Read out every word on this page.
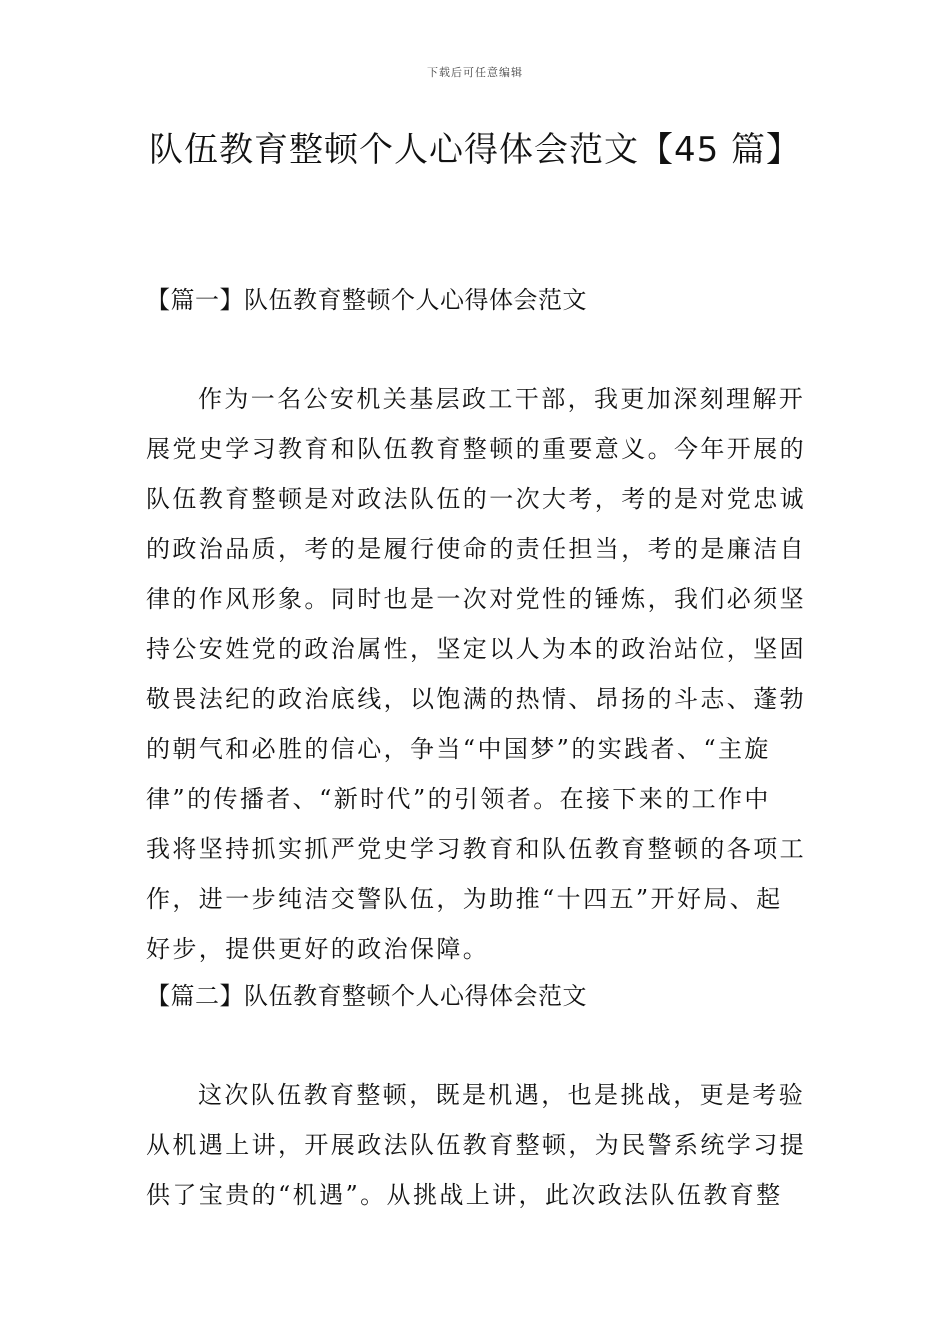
下载后可任意编辑
队伍教育整顿个人心得体会范文【45 篇】
【篇一】队伍教育整顿个人心得体会范文
作为一名公安机关基层政工干部，我更加深刻理解开
展党史学习教育和队伍教育整顿的重要意义。今年开展的
队伍教育整顿是对政法队伍的一次大考，考的是对党忠诚
的政治品质，考的是履行使命的责任担当，考的是廉洁自
律的作风形象。同时也是一次对党性的锤炼，我们必须坚
持公安姓党的政治属性，坚定以人为本的政治站位，坚固
敬畏法纪的政治底线，以饱满的热情、昂扬的斗志、蓬勃
的朝气和必胜的信心，争当“中国梦”的实践者、“主旋
律”的传播者、“新时代”的引领者。在接下来的工作中
我将坚持抓实抓严党史学习教育和队伍教育整顿的各项工
作，进一步纯洁交警队伍，为助推“十四五”开好局、起
好步，提供更好的政治保障。
【篇二】队伍教育整顿个人心得体会范文
这次队伍教育整顿，既是机遇，也是挑战，更是考验
从机遇上讲，开展政法队伍教育整顿，为民警系统学习提
供了宝贵的“机遇”。从挑战上讲，此次政法队伍教育整
